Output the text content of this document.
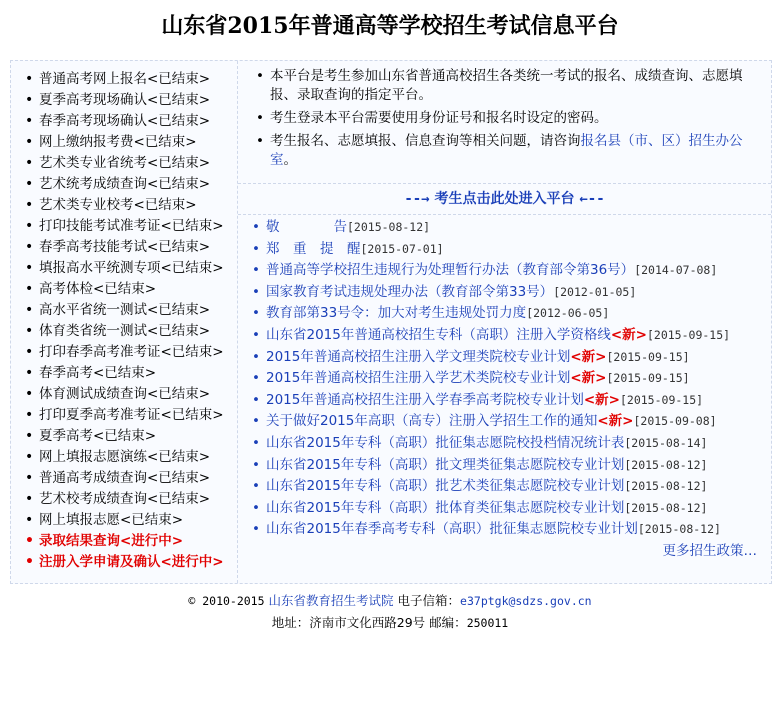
山东省2015年普通高等学校招生考试信息平台
• 普通高考网上报名<已结束>
• 夏季高考现场确认<已结束>
• 春季高考现场确认<已结束>
• 网上缴纳报考费<已结束>
• 艺术类专业省统考<已结束>
• 艺术统考成绩查询<已结束>
• 艺术类专业校考<已结束>
• 打印技能考试准考证<已结束>
• 春季高考技能考试<已结束>
• 填报高水平统测专项<已结束>
• 高考体检<已结束>
• 高水平省统一测试<已结束>
• 体育类省统一测试<已结束>
• 打印春季高考准考证<已结束>
• 春季高考<已结束>
• 体育测试成绩查询<已结束>
• 打印夏季高考准考证<已结束>
• 夏季高考<已结束>
• 网上填报志愿演练<已结束>
• 普通高考成绩查询<已结束>
• 艺术校考成绩查询<已结束>
• 网上填报志愿<已结束>
• 录取结果查询<进行中>
• 注册入学申请及确认<进行中>

• 本平台是考生参加山东省普通高校招生各类统一考试的报名、成绩查询、志愿填报、录取查询的指定平台。

• 考生登录本平台需要使用身份证号和报名时设定的密码。

• 考生报名、志愿填报、信息查询等相关问题，请咨询报名县（市、区）招生办公室。

--→ 考生点击此处进入平台 ←--
• 敬　　　　告[2015-08-12]
• 郑　重　提　醒[2015-07-01]
• 普通高等学校招生违规行为处理暂行办法（教育部令第36号）[2014-07-08]
• 国家教育考试违规处理办法（教育部令第33号）[2012-01-05]
• 教育部第33号令：加大对考生违规处罚力度[2012-06-05]
• 山东省2015年普通高校招生专科（高职）注册入学资格线<新>[2015-09-15]
• 2015年普通高校招生注册入学文理类院校专业计划<新>[2015-09-15]
• 2015年普通高校招生注册入学艺术类院校专业计划<新>[2015-09-15]
• 2015年普通高校招生注册入学春季高考院校专业计划<新>[2015-09-15]
• 关于做好2015年高职（高专）注册入学招生工作的通知<新>[2015-09-08]
• 山东省2015年专科（高职）批征集志愿院校投档情况统计表[2015-08-14]
• 山东省2015年专科（高职）批文理类征集志愿院校专业计划[2015-08-12]
• 山东省2015年专科（高职）批艺术类征集志愿院校专业计划[2015-08-12]
• 山东省2015年专科（高职）批体育类征集志愿院校专业计划[2015-08-12]
• 山东省2015年春季高考专科（高职）批征集志愿院校专业计划[2015-08-12]
更多招生政策…
© 2010-2015 山东省教育招生考试院 电子信箱：e37ptgk@sdzs.gov.cn
地址：济南市文化西路29号 邮编：250011
